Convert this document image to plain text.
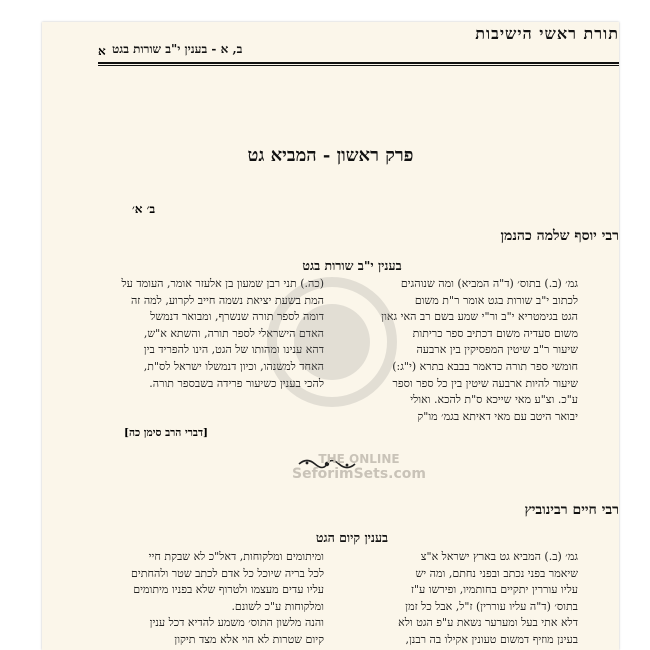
תורת ראשי הישיבות
ב, א - בענין י"ב שורות בגט
א
פרק ראשון - המביא גט
ב׳ א׳
רבי יוסף שלמה כהנמן
בענין י"ב שורות בגט

גמ׳ (ב.) בתוס׳ (ד"ה המביא) ומה שנוהגים

לכתוב י"ב שורות בגט אומר ר"ת משום

הגט בגימטריא י"ב ור"י שמע בשם רב האי גאון

משום סעדיה משום דכתיב ספר כריתות

שיעור ר"ב שיטין המפסיקין בין ארבעה

חומשי ספר תורה כדאמר בבבא בתרא (י"ג:)

שיעור להיות ארבעה שיטין בין כל ספר וספר

ע"כ. וצ"ע מאי שייכא ס"ת להכא. ואולי

יבואר היטב עם מאי דאיתא בגמ׳ מו"ק

(כה.) תני רבן שמעון בן אלעזר אומר, העומד על

המת בשעת יציאת נשמה חייב לקרוע, למה זה

דומה לספר תורה שנשרף, ומבואר דנמשל

האדם הישראלי לספר תורה, והשתא א"ש,

דהא ענינו ומהותו של הגט, הינו להפריד בין

האחד למשנהו, וכיון דנמשלו ישראל לס"ת,

להכי בענין כשיעור פרידה בשבספר תורה.

[דברי הרב סימן כה]
רבי חיים רבינוביץ
בענין קיום הגט

גמ׳ (ב.) המביא גט בארץ ישראל א"צ

שיאמר בפני נכתב ובפני נחתם, ומה יש

עליו עוררין יתקיים בחותמיו, ופירשו ע"ז

בתוס׳ (ד"ה עליו עוררין) ז"ל, אבל כל זמן

דלא אתי בעל ומערער נשאת ע"פ הגט ולא

בעינן מוזיף דמשום טעונין אקילו בה רבנן,

ומיתומים ומלקוחות, דאל"כ לא שבקת חיי

לכל בריה שיוכל כל אדם לכתב שטר ולהחתים

עליו עדים מעצמו ולטרוף שלא בפניו מיתומים

ומלקוחות ע"כ לשונם.

והנה מלשון התוס׳ משמע להדיא דכל ענין

קיום שטרות לא הוי אלא מצד תיקון

THE ONLINE
SeforimSets.com
